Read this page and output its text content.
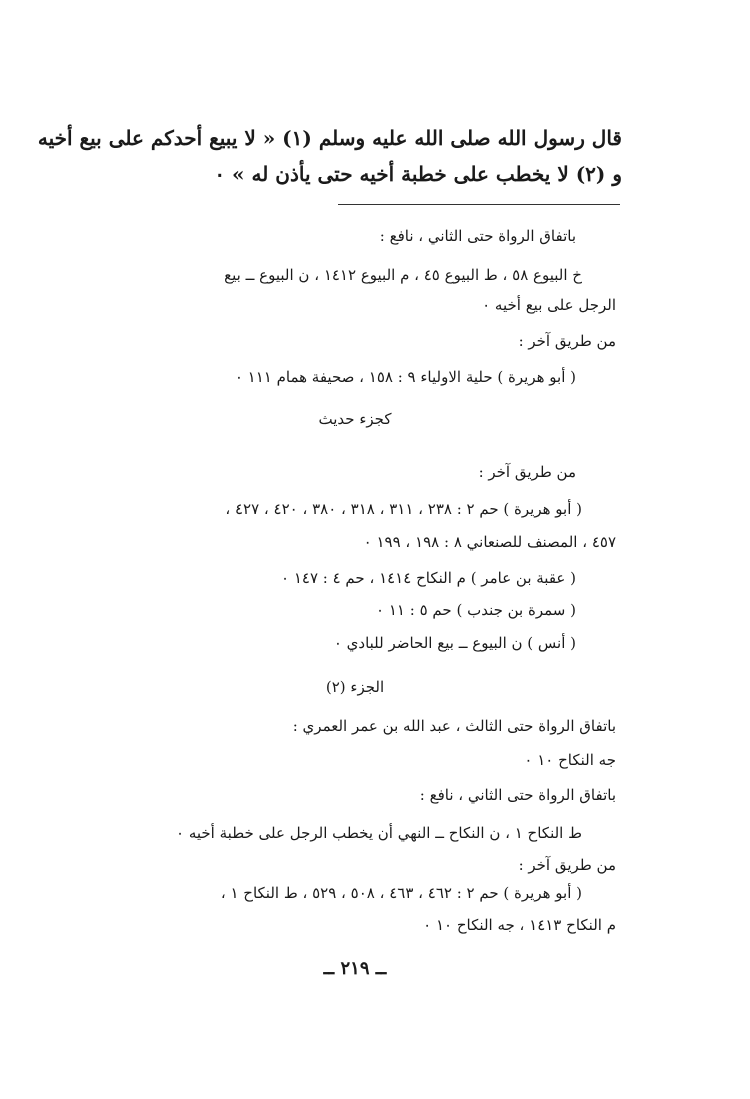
قال رسول الله صلى الله عليه وسلم (١) « لا يبيع أحدكم على بيع أخيه
و (٢) لا يخطب على خطبة أخيه حتى يأذن له » ٠
باتفاق الرواة حتى الثاني ، نافع :
خ البيوع ٥٨ ، ط البيوع ٤٥ ، م البيوع ١٤١٢ ، ن البيوع ــ بيع
الرجل على بيع أخيه ٠
من طريق آخر :
( أبو هريرة ) حلية الاولياء ٩ : ١٥٨ ، صحيفة همام ١١١ ٠
كجزء حديث
من طريق آخر :
( أبو هريرة ) حم ٢ : ٢٣٨ ، ٣١١ ، ٣١٨ ، ٣٨٠ ، ٤٢٠ ، ٤٢٧ ،
٤٥٧ ، المصنف للصنعاني ٨ : ١٩٨ ، ١٩٩ ٠
( عقبة بن عامر ) م النكاح ١٤١٤ ، حم ٤ : ١٤٧ ٠
( سمرة بن جندب ) حم ٥ : ١١ ٠
( أنس ) ن البيوع ــ بيع الحاضر للبادي ٠
الجزء (٢)
باتفاق الرواة حتى الثالث ، عبد الله بن عمر العمري :
جه النكاح ١٠ ٠
باتفاق الرواة حتى الثاني ، نافع :
ط النكاح ١ ، ن النكاح ــ النهي أن يخطب الرجل على خطبة أخيه ٠
من طريق آخر :
( أبو هريرة ) حم ٢ : ٤٦٢ ، ٤٦٣ ، ٥٠٨ ، ٥٢٩ ، ط النكاح ١ ،
م النكاح ١٤١٣ ، جه النكاح ١٠ ٠
ــ ٢١٩ ــ
